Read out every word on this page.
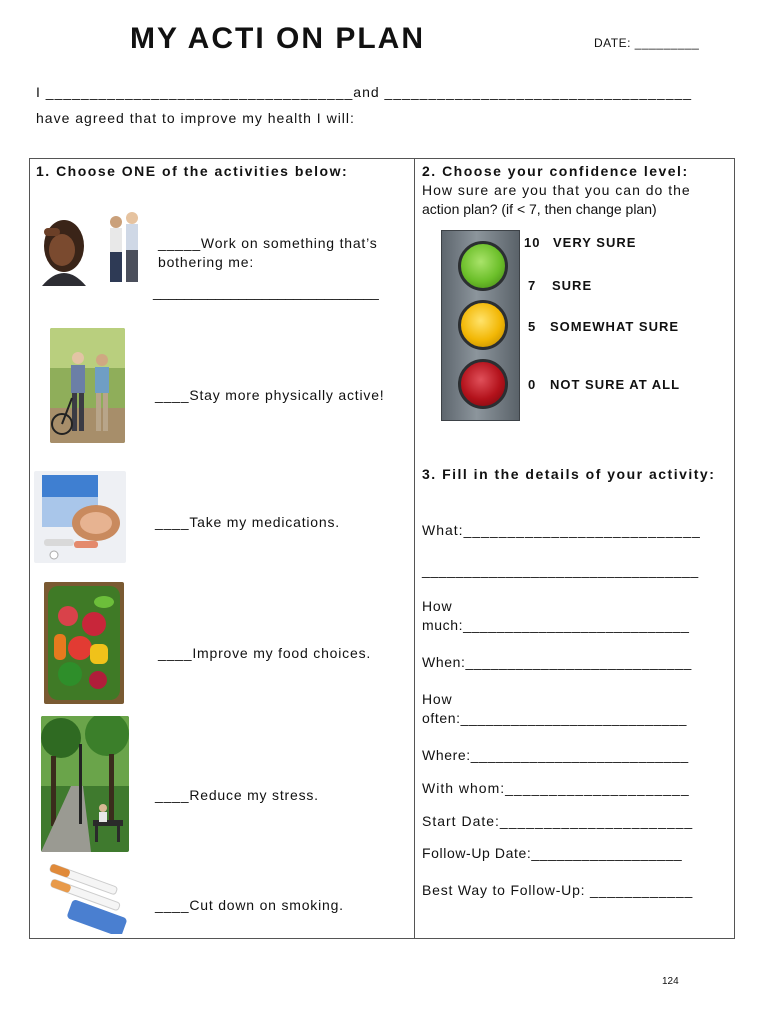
MY ACTI ON PLAN	DATE: _________
I ___________________________________and ___________________________________
have agreed that to improve my health I will:
1. Choose ONE of the activities below:
_____Work on something that’s
bothering me:
_____________________________
____Stay more physically active!
____Take my medications.
____Improve my food choices.
____Reduce my stress.
____Cut down on smoking.
2. Choose your confidence level:
How sure are you that you can do the
action plan? (if < 7, then change plan)
10 VERY SURE
7 SURE
5 SOMEWHAT SURE
0 NOT SURE AT ALL
3. Fill in the details of your activity:
What:___________________________
_________________________________
How
much:___________________________
When:___________________________
How
often:___________________________
Where:__________________________
With whom:_____________________
Start Date:______________________
Follow-Up Date:__________________
Best Way to Follow-Up: ____________
124
